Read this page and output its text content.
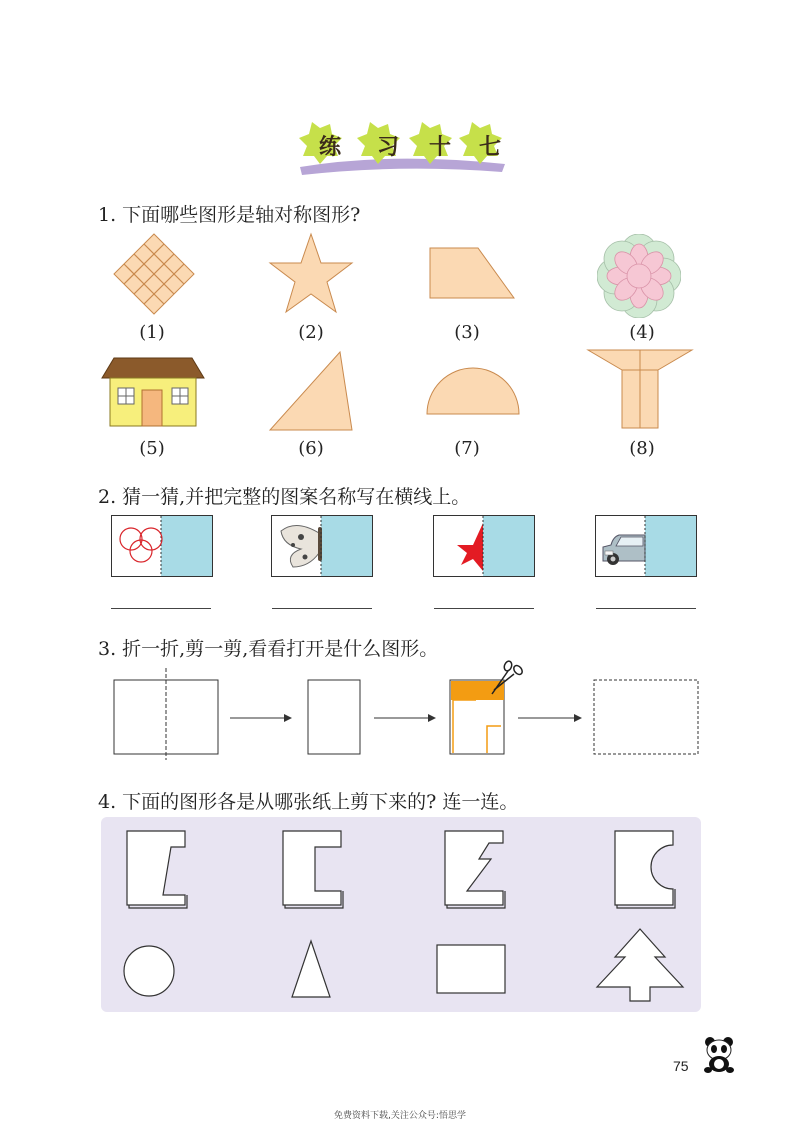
练 习 十 七
1. 下面哪些图形是轴对称图形?
(1)	(2)	(3)	(4)
(5)	(6)	(7)	(8)
2. 猜一猜,并把完整的图案名称写在横线上。
3. 折一折,剪一剪,看看打开是什么图形。
4. 下面的图形各是从哪张纸上剪下来的? 连一连。
75
免费资料下载,关注公众号:悟思学
